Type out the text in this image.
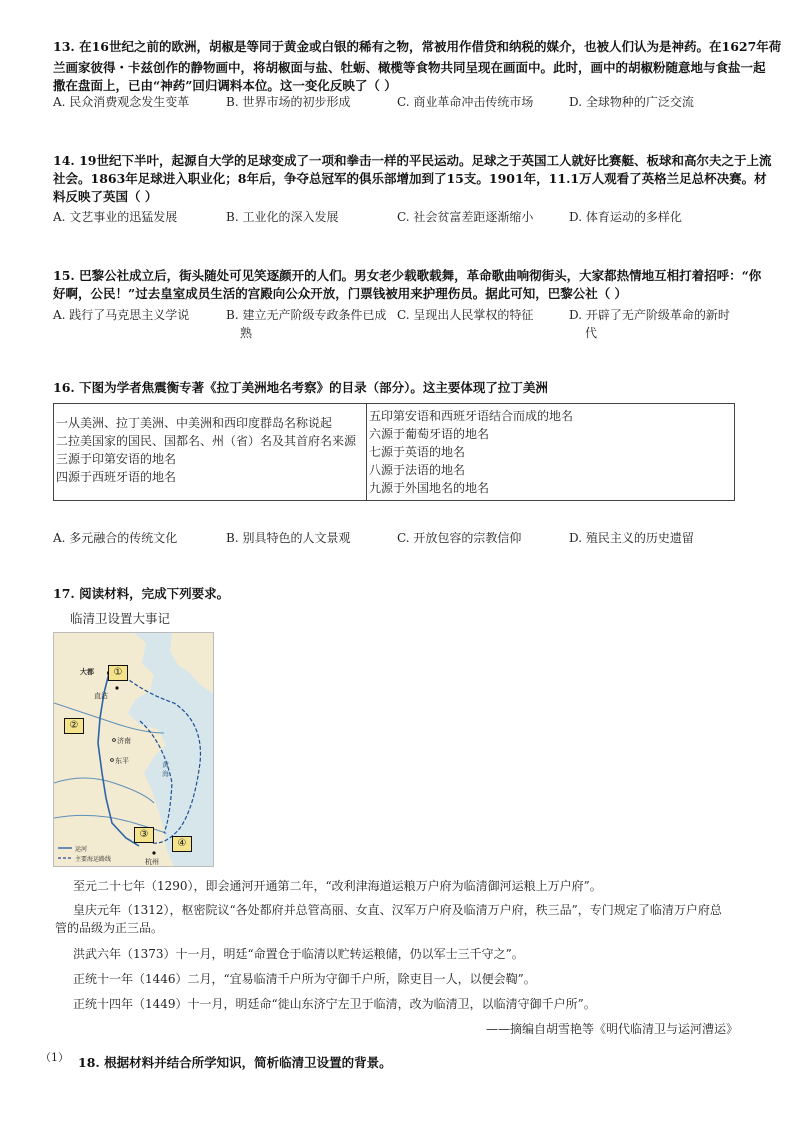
13. 在16世纪之前的欧洲，胡椒是等同于黄金或白银的稀有之物，常被用作借贷和纳税的媒介，也被人们认为是神药。在1627年荷
兰画家彼得・卡兹创作的静物画中，将胡椒面与盐、牡蛎、橄榄等食物共同呈现在画面中。此时，画中的胡椒粉随意地与食盐一起
撒在盘面上，已由“神药”回归调料本位。这一变化反映了（ ）
A. 民众消费观念发生变革	B. 世界市场的初步形成	C. 商业革命冲击传统市场	D. 全球物种的广泛交流
14. 19世纪下半叶，起源自大学的足球变成了一项和拳击一样的平民运动。足球之于英国工人就好比赛艇、板球和高尔夫之于上流
社会。1863年足球进入职业化；8年后，争夺总冠军的俱乐部增加到了15支。1901年，11.1万人观看了英格兰足总杯决赛。材
料反映了英国（ ）
A. 文艺事业的迅猛发展	B. 工业化的深入发展	C. 社会贫富差距逐渐缩小	D. 体育运动的多样化
15. 巴黎公社成立后，街头随处可见笑逐颜开的人们。男女老少载歌载舞，革命歌曲响彻街头，大家都热情地互相打着招呼：“你
好啊，公民！”过去皇室成员生活的宫殿向公众开放，门票钱被用来护理伤员。据此可知，巴黎公社（ ）
A. 践行了马克思主义学说	B. 建立无产阶级专政条件已成
熟
C. 呈现出人民掌权的特征	D. 开辟了无产阶级革命的新时
代
16. 下图为学者焦震衡专著《拉丁美洲地名考察》的目录（部分）。这主要体现了拉丁美洲
一从美洲、拉丁美洲、中美洲和西印度群岛名称说起
二拉美国家的国民、国都名、州（省）名及其首府名来源
三源于印第安语的地名
四源于西班牙语的地名

五印第安语和西班牙语结合而成的地名
六源于葡萄牙语的地名
七源于英语的地名
八源于法语的地名
九源于外国地名的地名
A. 多元融合的传统文化	B. 别具特色的人文景观	C. 开放包容的宗教信仰	D. 殖民主义的历史遗留
17. 阅读材料，完成下列要求。
临清卫设置大事记
大都
直沽
济南
东平
杭州
黄海
①
②
③
④
运河
主要海运路线
至元二十七年（1290），即会通河开通第二年，“改利津海道运粮万户府为临清御河运粮上万户府”。
皇庆元年（1312），枢密院议“各处都府并总管高丽、女直、汉军万户府及临清万户府，秩三品”，专门规定了临清万户府总
管的品级为正三品。
洪武六年（1373）十一月，明廷“命置仓于临清以贮转运粮储，仍以军士三千守之”。
正统十一年（1446）二月，“宜易临清千户所为守御千户所，除吏目一人，以便会鞫”。
正统十四年（1449）十一月，明廷命“徙山东济宁左卫于临清，改为临清卫，以临清守御千户所”。
——摘编自胡雪艳等《明代临清卫与运河漕运》
（1） 18. 根据材料并结合所学知识，简析临清卫设置的背景。
